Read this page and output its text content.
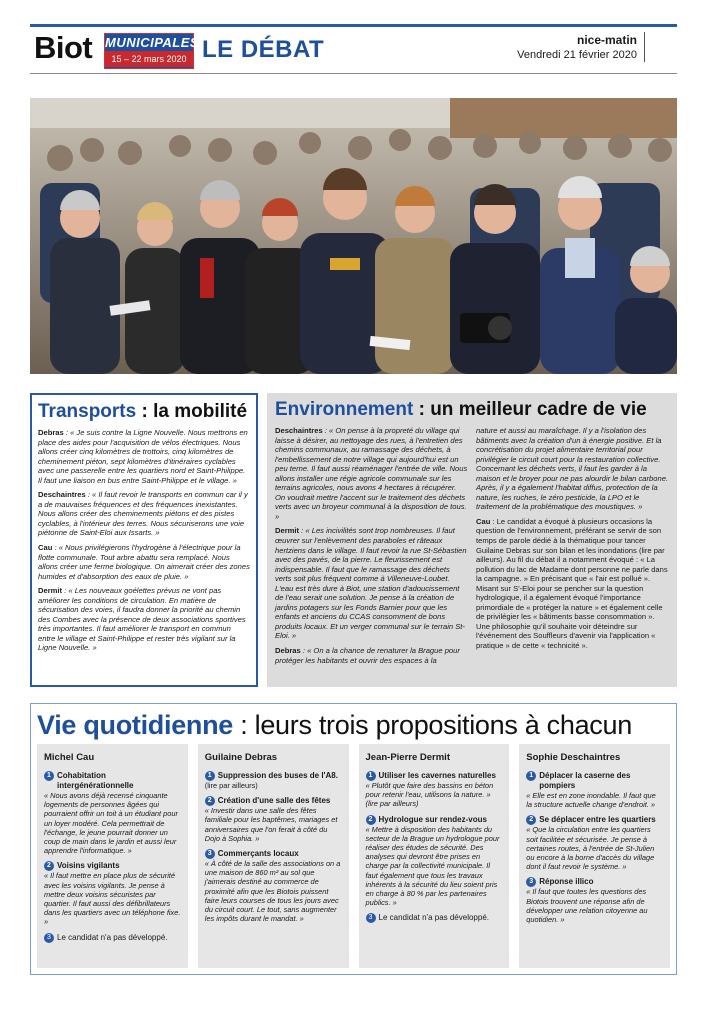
Biot MUNICIPALES
15 – 22 mars 2020 LE DÉBAT	nice-matin
Vendredi 21 février 2020
Transports : la mobilité

Debras : « Je suis contre la Ligne Nouvelle. Nous mettrons en place des aides pour l'acquisition de vélos électriques. Nous allons créer cinq kilomètres de trottoirs, cinq kilomètres de cheminement piéton, sept kilomètres d'itinéraires cyclables avec une passerelle entre les quartiers nord et Saint-Philippe. Il faut une liaison en bus entre Saint-Philippe et le village. »

Deschaintres : « Il faut revoir le transports en commun car il y a de mauvaises fréquences et des fréquences inexistantes. Nous allons créer des cheminements piétons et des pistes cyclables, à l'intérieur des terres. Nous sécuriserons une voie piétonne de Saint-Eloi aux Issarts. »

Cau : « Nous privilégierons l'hydrogène à l'électrique pour la flotte communale. Tout arbre abattu sera remplacé. Nous allons créer une ferme biologique. On aimerait créer des zones humides et d'absorption des eaux de pluie. »

Dermit : « Les nouveaux goélettes prévus ne vont pas améliorer les conditions de circulation. En matière de sécurisation des voies, il faudra donner la priorité au chemin des Combes avec la présence de deux associations sportives très importantes. Il faut améliorer le transport en commun entre le village et Saint-Philippe et rester très vigilant sur la Ligne Nouvelle. »

Environnement : un meilleur cadre de vie

Deschaintres : « On pense à la propreté du village qui laisse à désirer, au nettoyage des rues, à l'entretien des chemins communaux, au ramassage des déchets, à l'embellissement de notre village qui aujourd'hui est un peu terne. Il faut aussi réaménager l'entrée de ville. Nous allons installer une régie agricole communale sur les terrains agricoles, nous avons 4 hectares à récupérer. On voudrait mettre l'accent sur le traitement des déchets verts avec un broyeur communal à la disposition de tous. »

Dermit : « Les incivilités sont trop nombreuses. Il faut œuvrer sur l'enlèvement des paraboles et râteaux hertziens dans le village. Il faut revoir la rue St-Sébastien avec des pavés, de la pierre. Le fleurissement est indispensable. Il faut que le ramassage des déchets verts soit plus fréquent comme à Villeneuve-Loubet. L'eau est très dure à Biot, une station d'adoucissement de l'eau serait une solution. Je pense à la création de jardins potagers sur les Fonds Barnier pour que les enfants et anciens du CCAS consomment de bons produits locaux. Et un verger communal sur le terrain St-Eloi. »

Debras : « On a la chance de renaturer la Brague pour protéger les habitants et ouvrir des espaces à la

nature et aussi au maraîchage. Il y a l'isolation des bâtiments avec la création d'un à énergie positive. Et la concrétisation du projet alimentaire territorial pour privilégier le circuit court pour la restauration collective. Concernant les déchets verts, il faut les garder à la maison et le broyer pour ne pas alourdir le bilan carbone. Après, il y a également l'habitat diffus, protection de la nature, les ruches, le zéro pesticide, la LPO et le traitement de la problématique des moustiques. »

Cau : Le candidat a évoqué à plusieurs occasions la question de l'environnement, préférant se servir de son temps de parole dédié à la thématique pour tancer Guilaine Debras sur son bilan et les inondations (lire par ailleurs). Au fil du débat il a notamment évoqué : « La pollution du lac de Madame dont personne ne parle dans la campagne. » En précisant que « l'air est pollué ». Misant sur S'-Eloi pour se pencher sur la question hydrologique, il a également évoqué l'importance primordiale de « protéger la nature » et également celle de privilégier les « bâtiments basse consommation ». Une philosophie qu'il souhaite voir déteindre sur l'événement des Souffleurs d'avenir via l'application « pratique » de cette « technicité ».

Vie quotidienne : leurs trois propositions à chacun
Michel Cau
1 Cohabitation intergénérationnelle
« Nous avons déjà recensé cinquante logements de personnes âgées qui pourraient offrir un toit à un étudiant pour un loyer modéré. Cela permettrait de l'échange, le jeune pourrait donner un coup de main dans le jardin et aussi leur apprendre l'informatique. »
2 Voisins vigilants
« Il faut mettre en place plus de sécurité avec les voisins vigilants. Je pense à mettre deux voisins sécuristes par quartier. Il faut aussi des défibrillateurs dans les quartiers avec un téléphone fixe. »
3 Le candidat n'a pas développé.
Guilaine Debras
1 Suppression des buses de l'A8.
(lire par ailleurs)
2 Création d'une salle des fêtes
« Investir dans une salle des fêtes familiale pour les baptêmes, mariages et anniversaires que l'on ferait à côté du Dojo à Sophia. »
3 Commerçants locaux
« À côté de la salle des associations on a une maison de 860 m² au sol que j'aimerais destiné au commerce de proximité afin que les Biotois puissent faire leurs courses de tous les jours avec du circuit court. Le tout, sans augmenter les impôts durant le mandat. »
Jean-Pierre Dermit
1 Utiliser les cavernes naturelles
« Plutôt que faire des bassins en béton pour retenir l'eau, utilisons la nature. » (lire par ailleurs)
2 Hydrologue sur rendez-vous
« Mettre à disposition des habitants du secteur de la Brague un hydrologue pour réaliser des études de sécurité. Des analyses qui devront être prises en charge par la collectivité municipale. Il faut également que tous les travaux inhérents à la sécurité du lieu soient pris en charge à 80 % par les partenaires publics. »
3 Le candidat n'a pas développé.
Sophie Deschaintres
1 Déplacer la caserne des pompiers
« Elle est en zone inondable. Il faut que la structure actuelle change d'endroit. »
2 Se déplacer entre les quartiers
« Que la circulation entre les quartiers soit facilitée et sécurisée. Je pense à certaines routes, à l'entrée de St-Julien ou encore à la borne d'accès du village dont il faut revoir le système. »
3 Réponse illico
« Il faut que toutes les questions des Biotois trouvent une réponse afin de développer une relation citoyenne au quotidien. »
